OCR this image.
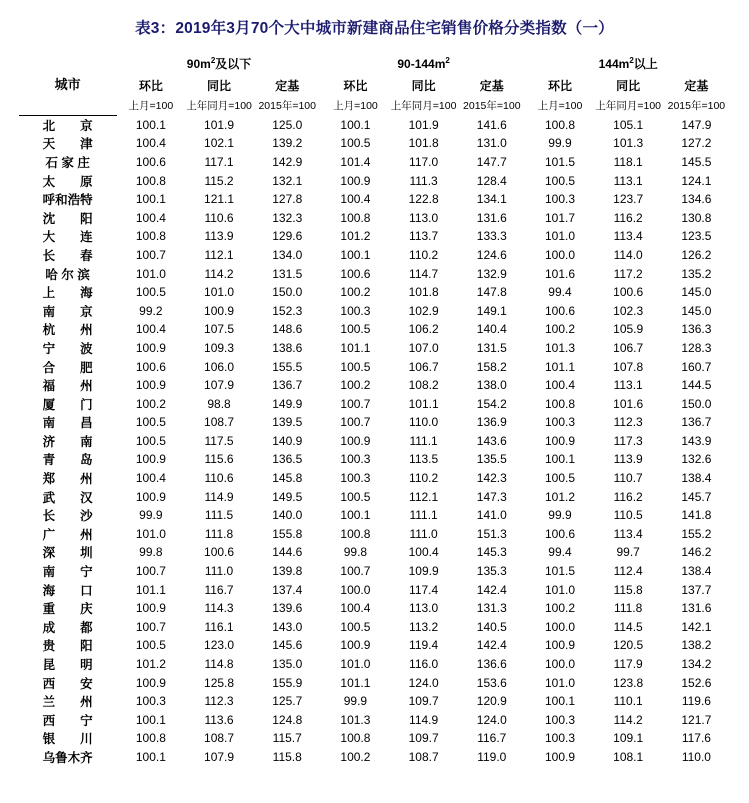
表3：2019年3月70个大中城市新建商品住宅销售价格分类指数（一）
城市	$90m^2$及以下			$90-144m^2$			$144m^2$以上		
	环比	同比	定基	环比	同比	定基	环比	同比	定基
	上月=100	上年同月=100	2015年=100	上月=100	上年同月=100	2015年=100	上月=100	上年同月=100	2015年=100
北　　京	100.1	101.9	125.0	100.1	101.9	141.6	100.8	105.1	147.9
天　　津	100.4	102.1	139.2	100.5	101.8	131.0	99.9	101.3	127.2
石 家 庄	100.6	117.1	142.9	101.4	117.0	147.7	101.5	118.1	145.5
太　　原	100.8	115.2	132.1	100.9	111.3	128.4	100.5	113.1	124.1
呼和浩特	100.1	121.1	127.8	100.4	122.8	134.1	100.3	123.7	134.6
沈　　阳	100.4	110.6	132.3	100.8	113.0	131.6	101.7	116.2	130.8
大　　连	100.8	113.9	129.6	101.2	113.7	133.3	101.0	113.4	123.5
长　　春	100.7	112.1	134.0	100.1	110.2	124.6	100.0	114.0	126.2
哈 尔 滨	101.0	114.2	131.5	100.6	114.7	132.9	101.6	117.2	135.2
上　　海	100.5	101.0	150.0	100.2	101.8	147.8	99.4	100.6	145.0
南　　京	99.2	100.9	152.3	100.3	102.9	149.1	100.6	102.3	145.0
杭　　州	100.4	107.5	148.6	100.5	106.2	140.4	100.2	105.9	136.3
宁　　波	100.9	109.3	138.6	101.1	107.0	131.5	101.3	106.7	128.3
合　　肥	100.6	106.0	155.5	100.5	106.7	158.2	101.1	107.8	160.7
福　　州	100.9	107.9	136.7	100.2	108.2	138.0	100.4	113.1	144.5
厦　　门	100.2	98.8	149.9	100.7	101.1	154.2	100.8	101.6	150.0
南　　昌	100.5	108.7	139.5	100.7	110.0	136.9	100.3	112.3	136.7
济　　南	100.5	117.5	140.9	100.9	111.1	143.6	100.9	117.3	143.9
青　　岛	100.9	115.6	136.5	100.3	113.5	135.5	100.1	113.9	132.6
郑　　州	100.4	110.6	145.8	100.3	110.2	142.3	100.5	110.7	138.4
武　　汉	100.9	114.9	149.5	100.5	112.1	147.3	101.2	116.2	145.7
长　　沙	99.9	111.5	140.0	100.1	111.1	141.0	99.9	110.5	141.8
广　　州	101.0	111.8	155.8	100.8	111.0	151.3	100.6	113.4	155.2
深　　圳	99.8	100.6	144.6	99.8	100.4	145.3	99.4	99.7	146.2
南　　宁	100.7	111.0	139.8	100.7	109.9	135.3	101.5	112.4	138.4
海　　口	101.1	116.7	137.4	100.0	117.4	142.4	101.0	115.8	137.7
重　　庆	100.9	114.3	139.6	100.4	113.0	131.3	100.2	111.8	131.6
成　　都	100.7	116.1	143.0	100.5	113.2	140.5	100.0	114.5	142.1
贵　　阳	100.5	123.0	145.6	100.9	119.4	142.4	100.9	120.5	138.2
昆　　明	101.2	114.8	135.0	101.0	116.0	136.6	100.0	117.9	134.2
西　　安	100.9	125.8	155.9	101.1	124.0	153.6	101.0	123.8	152.6
兰　　州	100.3	112.3	125.7	99.9	109.7	120.9	100.1	110.1	119.6
西　　宁	100.1	113.6	124.8	101.3	114.9	124.0	100.3	114.2	121.7
银　　川	100.8	108.7	115.7	100.8	109.7	116.7	100.3	109.1	117.6
乌鲁木齐	100.1	107.9	115.8	100.2	108.7	119.0	100.9	108.1	110.0
